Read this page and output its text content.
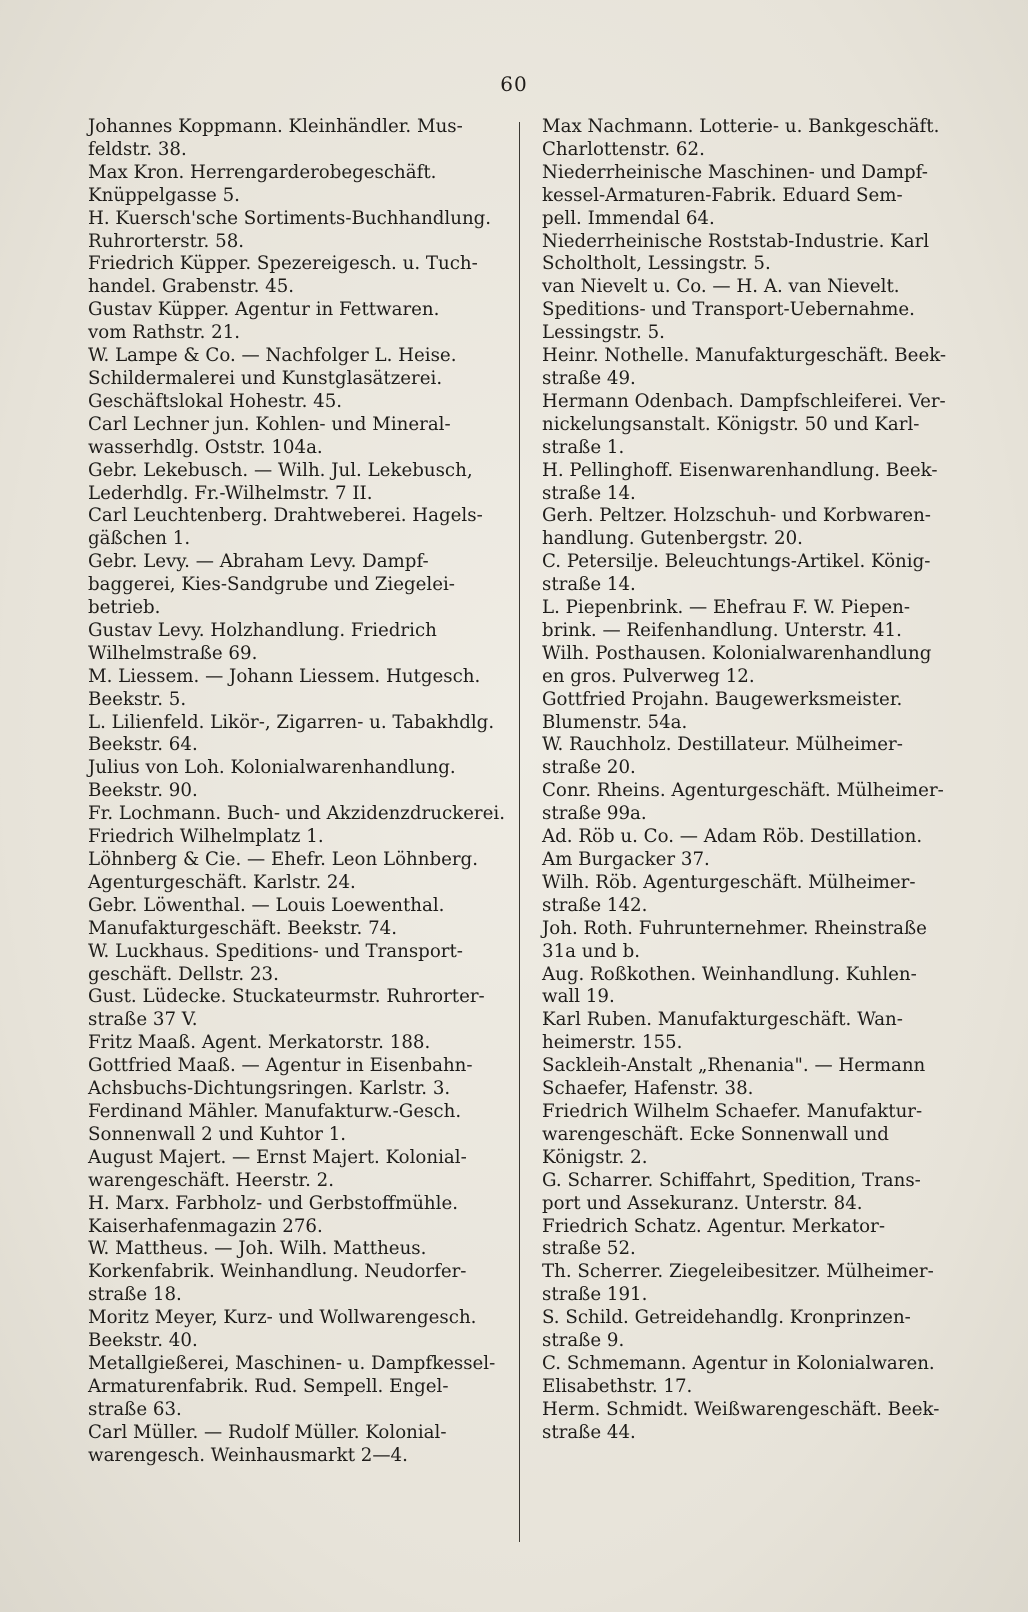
60

Johannes Koppmann. Kleinhändler. Mus-
feldstr. 38.

Max Kron. Herrengarderobegeschäft.
Knüppelgasse 5.

H. Kuersch'sche Sortiments-Buchhandlung.
Ruhrorterstr. 58.

Friedrich Küpper. Spezereigesch. u. Tuch-
handel. Grabenstr. 45.

Gustav Küpper. Agentur in Fettwaren.
vom Rathstr. 21.

W. Lampe & Co. — Nachfolger L. Heise.
Schildermalerei und Kunstglasätzerei.
Geschäftslokal Hohestr. 45.

Carl Lechner jun. Kohlen- und Mineral-
wasserhdlg. Oststr. 104a.

Gebr. Lekebusch. — Wilh. Jul. Lekebusch,
Lederhdlg. Fr.-Wilhelmstr. 7 II.

Carl Leuchtenberg. Drahtweberei. Hagels-
gäßchen 1.

Gebr. Levy. — Abraham Levy. Dampf-
baggerei, Kies-Sandgrube und Ziegelei-
betrieb.

Gustav Levy. Holzhandlung. Friedrich
Wilhelmstraße 69.

M. Liessem. — Johann Liessem. Hutgesch.
Beekstr. 5.

L. Lilienfeld. Likör-, Zigarren- u. Tabakhdlg.
Beekstr. 64.

Julius von Loh. Kolonialwarenhandlung.
Beekstr. 90.

Fr. Lochmann. Buch- und Akzidenzdruckerei.
Friedrich Wilhelmplatz 1.

Löhnberg & Cie. — Ehefr. Leon Löhnberg.
Agenturgeschäft. Karlstr. 24.

Gebr. Löwenthal. — Louis Loewenthal.
Manufakturgeschäft. Beekstr. 74.

W. Luckhaus. Speditions- und Transport-
geschäft. Dellstr. 23.

Gust. Lüdecke. Stuckateurmstr. Ruhrorter-
straße 37 V.

Fritz Maaß. Agent. Merkatorstr. 188.

Gottfried Maaß. — Agentur in Eisenbahn-
Achsbuchs-Dichtungsringen. Karlstr. 3.

Ferdinand Mähler. Manufakturw.-Gesch.
Sonnenwall 2 und Kuhtor 1.

August Majert. — Ernst Majert. Kolonial-
warengeschäft. Heerstr. 2.

H. Marx. Farbholz- und Gerbstoffmühle.
Kaiserhafenmagazin 276.

W. Mattheus. — Joh. Wilh. Mattheus.
Korkenfabrik. Weinhandlung. Neudorfer-
straße 18.

Moritz Meyer, Kurz- und Wollwarengesch.
Beekstr. 40.

Metallgießerei, Maschinen- u. Dampfkessel-
Armaturenfabrik. Rud. Sempell. Engel-
straße 63.

Carl Müller. — Rudolf Müller. Kolonial-
warengesch. Weinhausmarkt 2—4.

Max Nachmann. Lotterie- u. Bankgeschäft.
Charlottenstr. 62.

Niederrheinische Maschinen- und Dampf-
kessel-Armaturen-Fabrik. Eduard Sem-
pell. Immendal 64.

Niederrheinische Roststab-Industrie. Karl
Scholtholt, Lessingstr. 5.

van Nievelt u. Co. — H. A. van Nievelt.
Speditions- und Transport-Uebernahme.
Lessingstr. 5.

Heinr. Nothelle. Manufakturgeschäft. Beek-
straße 49.

Hermann Odenbach. Dampfschleiferei. Ver-
nickelungsanstalt. Königstr. 50 und Karl-
straße 1.

H. Pellinghoff. Eisenwarenhandlung. Beek-
straße 14.

Gerh. Peltzer. Holzschuh- und Korbwaren-
handlung. Gutenbergstr. 20.

C. Petersilje. Beleuchtungs-Artikel. König-
straße 14.

L. Piepenbrink. — Ehefrau F. W. Piepen-
brink. — Reifenhandlung. Unterstr. 41.

Wilh. Posthausen. Kolonialwarenhandlung
en gros. Pulverweg 12.

Gottfried Projahn. Baugewerksmeister.
Blumenstr. 54a.

W. Rauchholz. Destillateur. Mülheimer-
straße 20.

Conr. Rheins. Agenturgeschäft. Mülheimer-
straße 99a.

Ad. Röb u. Co. — Adam Röb. Destillation.
Am Burgacker 37.

Wilh. Röb. Agenturgeschäft. Mülheimer-
straße 142.

Joh. Roth. Fuhrunternehmer. Rheinstraße
31a und b.

Aug. Roßkothen. Weinhandlung. Kuhlen-
wall 19.

Karl Ruben. Manufakturgeschäft. Wan-
heimerstr. 155.

Sackleih-Anstalt „Rhenania". — Hermann
Schaefer, Hafenstr. 38.

Friedrich Wilhelm Schaefer. Manufaktur-
warengeschäft. Ecke Sonnenwall und
Königstr. 2.

G. Scharrer. Schiffahrt, Spedition, Trans-
port und Assekuranz. Unterstr. 84.

Friedrich Schatz. Agentur. Merkator-
straße 52.

Th. Scherrer. Ziegeleibesitzer. Mülheimer-
straße 191.

S. Schild. Getreidehandlg. Kronprinzen-
straße 9.

C. Schmemann. Agentur in Kolonialwaren.
Elisabethstr. 17.

Herm. Schmidt. Weißwarengeschäft. Beek-
straße 44.
